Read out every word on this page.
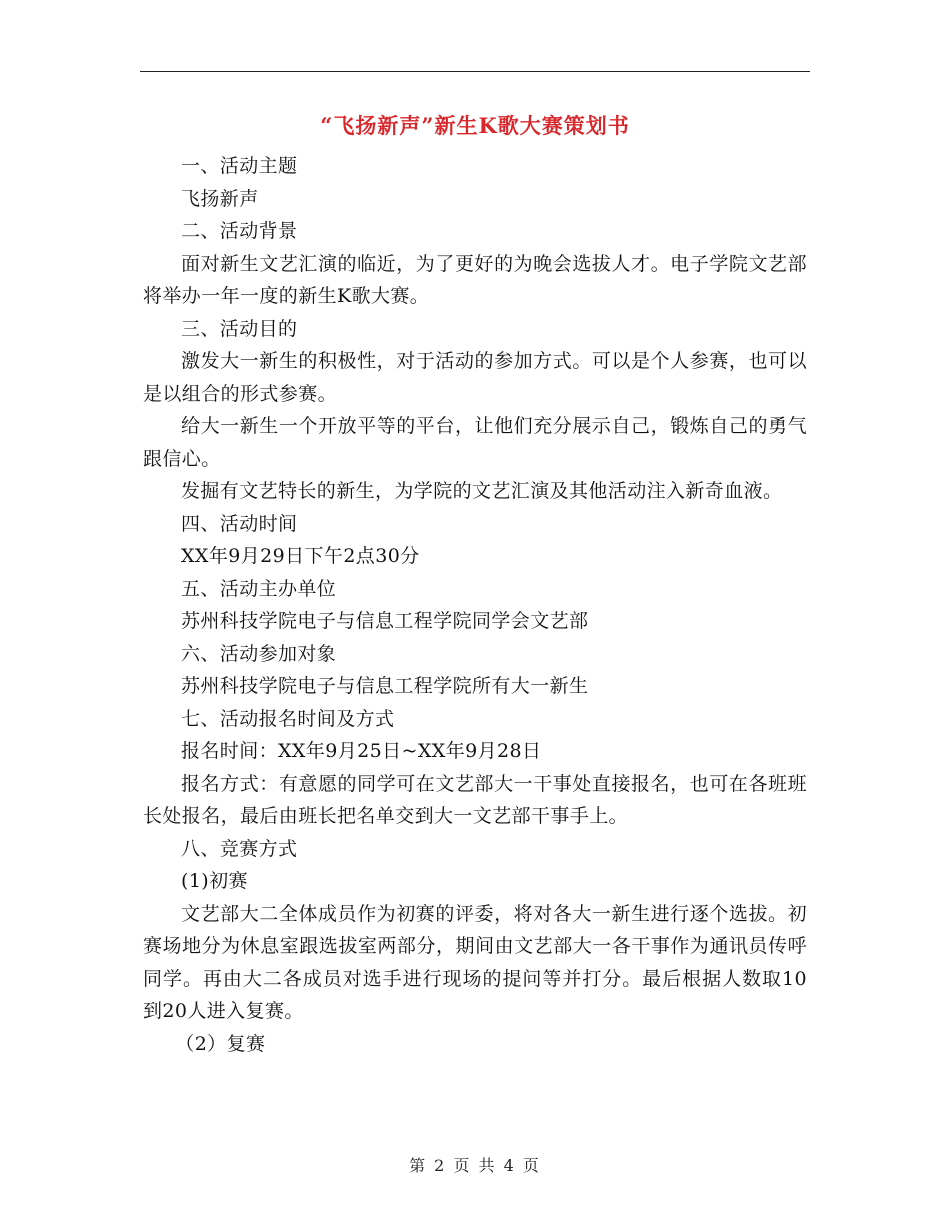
“飞扬新声”新生K歌大赛策划书

一、活动主题

飞扬新声

二、活动背景

面对新生文艺汇演的临近，为了更好的为晚会选拔人才。电子学院文艺部将举办一年一度的新生K歌大赛。

三、活动目的

激发大一新生的积极性，对于活动的参加方式。可以是个人参赛，也可以是以组合的形式参赛。

给大一新生一个开放平等的平台，让他们充分展示自己，锻炼自己的勇气跟信心。

发掘有文艺特长的新生，为学院的文艺汇演及其他活动注入新奇血液。

四、活动时间

XX年9月29日下午2点30分

五、活动主办单位

苏州科技学院电子与信息工程学院同学会文艺部

六、活动参加对象

苏州科技学院电子与信息工程学院所有大一新生

七、活动报名时间及方式

报名时间：XX年9月25日~XX年9月28日

报名方式：有意愿的同学可在文艺部大一干事处直接报名，也可在各班班长处报名，最后由班长把名单交到大一文艺部干事手上。

八、竞赛方式

(1)初赛

文艺部大二全体成员作为初赛的评委，将对各大一新生进行逐个选拔。初赛场地分为休息室跟选拔室两部分，期间由文艺部大一各干事作为通讯员传呼同学。再由大二各成员对选手进行现场的提问等并打分。最后根据人数取10到20人进入复赛。

（2）复赛

第 2 页 共 4 页
